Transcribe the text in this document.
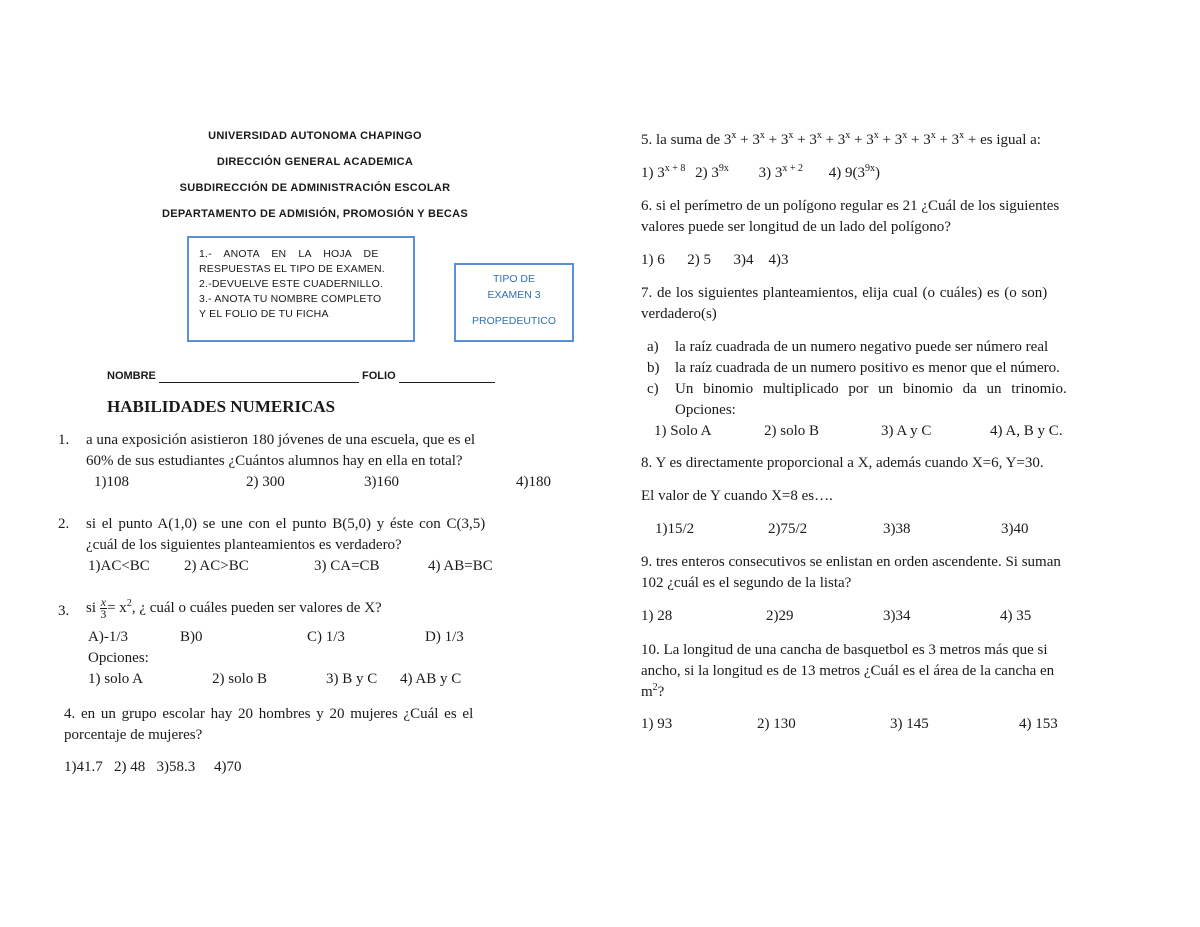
UNIVERSIDAD AUTONOMA CHAPINGO
DIRECCIÓN GENERAL ACADEMICA
SUBDIRECCIÓN DE ADMINISTRACIÓN ESCOLAR
DEPARTAMENTO DE ADMISIÓN, PROMOSIÓN Y BECAS
1.- ANOTA EN LA HOJA DE
RESPUESTAS EL TIPO DE EXAMEN.
2.-DEVUELVE ESTE CUADERNILLO.
3.- ANOTA TU NOMBRE COMPLETO
Y EL FOLIO DE TU FICHA
TIPO DE
EXAMEN 3
PROPEDEUTICO
NOMBRE	FOLIO
HABILIDADES NUMERICAS
1. a una exposición asistieron 180 jóvenes de una escuela, que es el
60% de sus estudiantes ¿Cuántos alumnos hay en ella en total?
1)108	2) 300	3)160	4)180
2. si el punto A(1,0) se une con el punto B(5,0) y éste con C(3,5)
¿cuál de los siguientes planteamientos es verdadero?
1)AC<BC 2) AC>BC	3) CA=CB	4) AB=BC
3. si $\frac{x}{3} = x^2$, ¿ cuál o cuáles pueden ser valores de X?
A)-1/3	B)0	C) 1/3	D) 1/3
Opciones:
1) solo A	2) solo B	3) B y C 4) AB y C
4. en un grupo escolar hay 20 hombres y 20 mujeres ¿Cuál es el
porcentaje de mujeres?
1)41.7   2) 48   3)58.3     4)70
5. la suma de $3^x + 3^x + 3^x + 3^x + 3^x + 3^x + 3^x + 3^x + 3^x$ + es igual a:
1) $3^{x + 8}$ 2) $3^{9x}$ 3) $3^{x + 2}$ 4) $9(3^{9x})$
6. si el perímetro de un polígono regular es 21 ¿Cuál de los siguientes
valores puede ser longitud de un lado del polígono?
1) 6      2) 5      3)4    4)3
7. de los siguientes planteamientos, elija cual (o cuáles) es (o son)
verdadero(s)
a) la raíz cuadrada de un numero negativo puede ser número real
b) la raíz cuadrada de un numero positivo es menor que el número.
c) Un binomio multiplicado por un binomio da un trinomio.
Opciones:
1) Solo A	2) solo B	3) A y C	4) A, B y C.
8. Y es directamente proporcional a X, además cuando X=6, Y=30.
El valor de Y cuando X=8 es….
1)15/2	2)75/2	3)38	3)40
9. tres enteros consecutivos se enlistan en orden ascendente. Si suman
102 ¿cuál es el segundo de la lista?
1) 28	2)29	3)34	4) 35
10. La longitud de una cancha de basquetbol es 3 metros más que si
ancho, si la longitud es de 13 metros ¿Cuál es el área de la cancha en
$m^2$?
1) 93	2) 130	3) 145	4) 153
